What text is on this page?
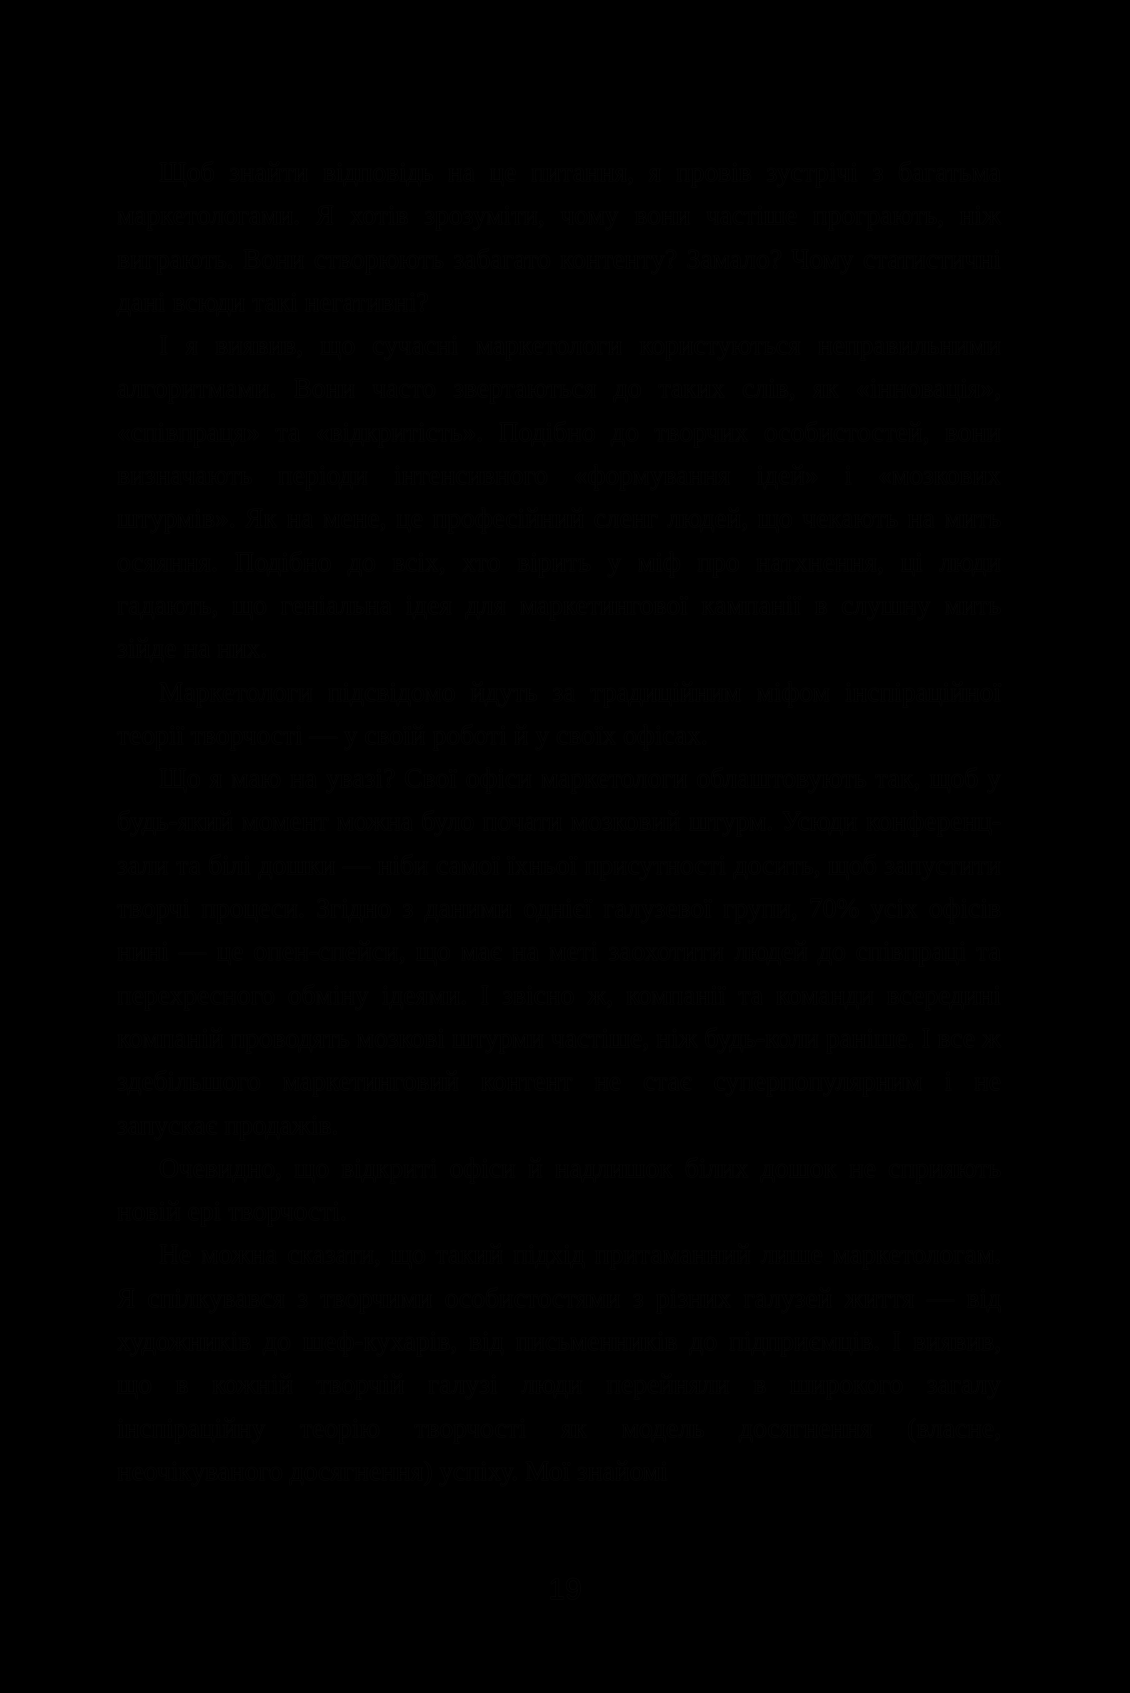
Щоб знайти відповідь на це питання, я провів зустрічі з багатьма маркетологами. Я хотів зрозуміти, чому вони частіше програють, ніж виграють. Вони створюють забагато контенту? Замало? Чому статистичні дані всюди такі негативні?

І я виявив, що сучасні маркетологи користуються неправильними алгоритмами. Вони часто звертаються до таких слів, як «інновація», «співпраця» та «відкритість». Подібно до творчих особистостей, вони визначають періоди інтенсивного «формування ідей» і «мозкових штурмів». Як на мене, це професійний сленг людей, що чекають на мить осяяння. Подібно до всіх, хто вірить у міф про натхнення, ці люди гадають, що геніальна ідея для маркетингової кампанії в слушну мить зійде на них.

Маркетологи підсвідомо йдуть за традиційним міфом інспіраційної теорії творчості — у своїй роботі й у своїх офісах.

Що я маю на увазі? Свої офіси маркетологи облаштовують так, щоб у будь-який момент можна було почати мозковий штурм. Усюди конференц-зали та білі дошки — ніби самої їхньої присутності досить, щоб запустити творчі процеси. Згідно з даними однієї галузевої групи, 70% усіх офісів нині — це опен-спейси, що має на меті заохотити людей до співпраці та перехресного обміну ідеями. І звісно ж, компанії та команди всередині компаній проводять мозкові штурми частіше, ніж будь-коли раніше. І все ж здебільшого маркетинговий контент не стає суперпопулярним і не запускає продажів.

Очевидно, що відкриті офіси й надлишок білих дошок не сприяють новій ері творчості.

Не можна сказати, що такий підхід притаманний лише маркетологам. Я спілкувався з творчими особистостями з різних галузей життя — від художників до шеф-кухарів, від письменників до підприємців. І виявив, що в кожній творчій галузі люди перейняли в широкого загалу інспіраційну теорію творчості як модель досягнення (власне, неочікуваного досягнення) успіху. Мої знайомі

19
